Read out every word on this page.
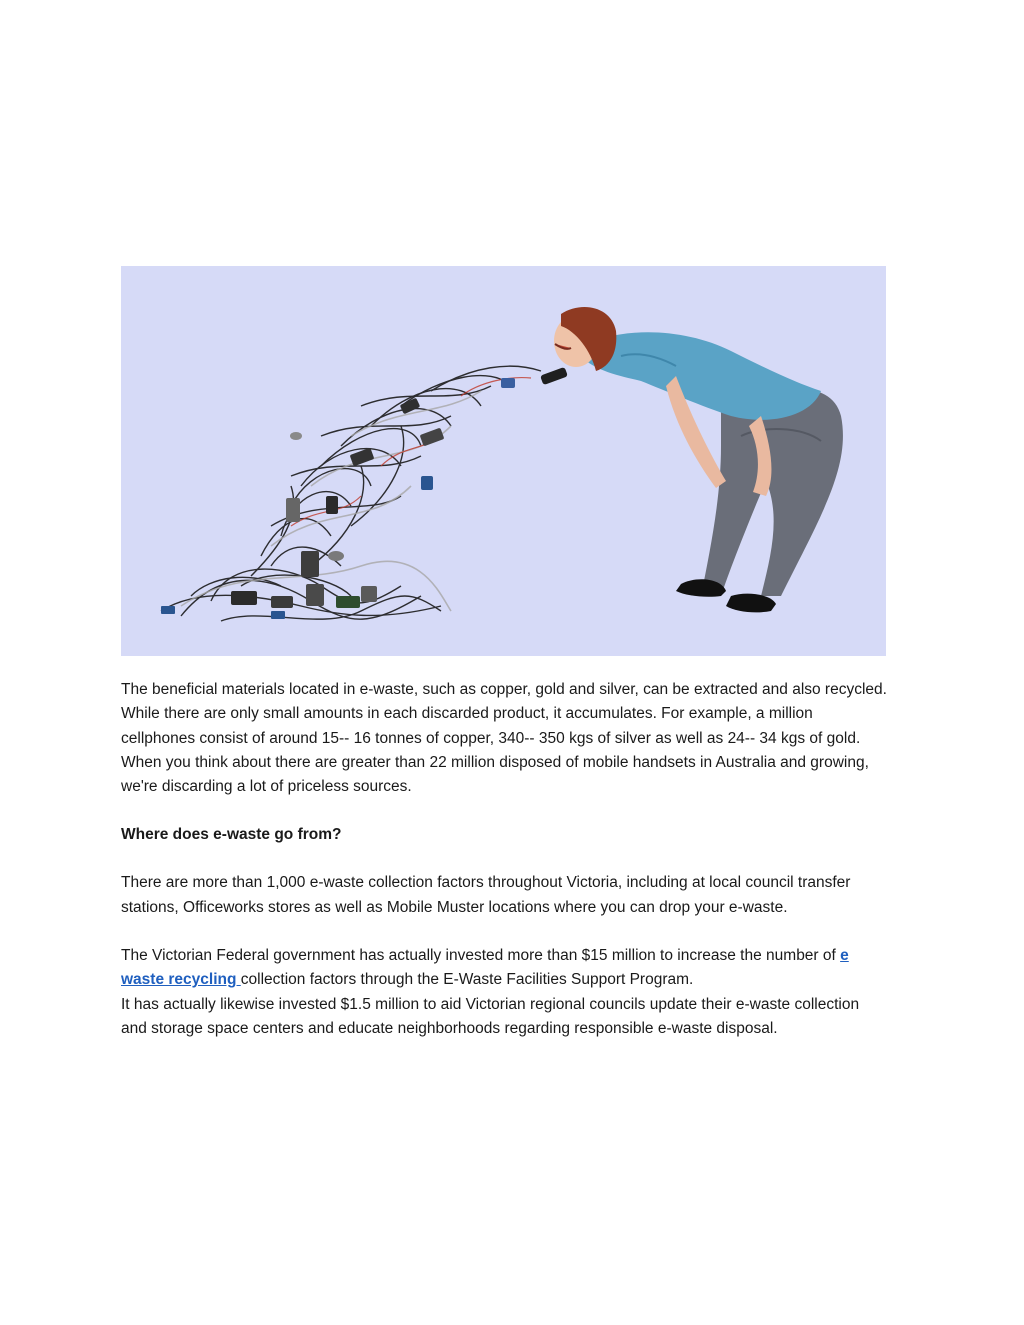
The beneficial materials located in e-waste, such as copper, gold and silver, can be extracted and also recycled. While there are only small amounts in each discarded product, it accumulates. For example, a million cellphones consist of around 15-- 16 tonnes of copper, 340-- 350 kgs of silver as well as 24-- 34 kgs of gold. When you think about there are greater than 22 million disposed of mobile handsets in Australia and growing, we're discarding a lot of priceless sources.

Where does e-waste go from?

There are more than 1,000 e-waste collection factors throughout Victoria, including at local council transfer stations, Officeworks stores as well as Mobile Muster locations where you can drop your e-waste.

The Victorian Federal government has actually invested more than $15 million to increase the number of e waste recycling collection factors through the E-Waste Facilities Support Program.

It has actually likewise invested $1.5 million to aid Victorian regional councils update their e-waste collection and storage space centers and educate neighborhoods regarding responsible e-waste disposal.
